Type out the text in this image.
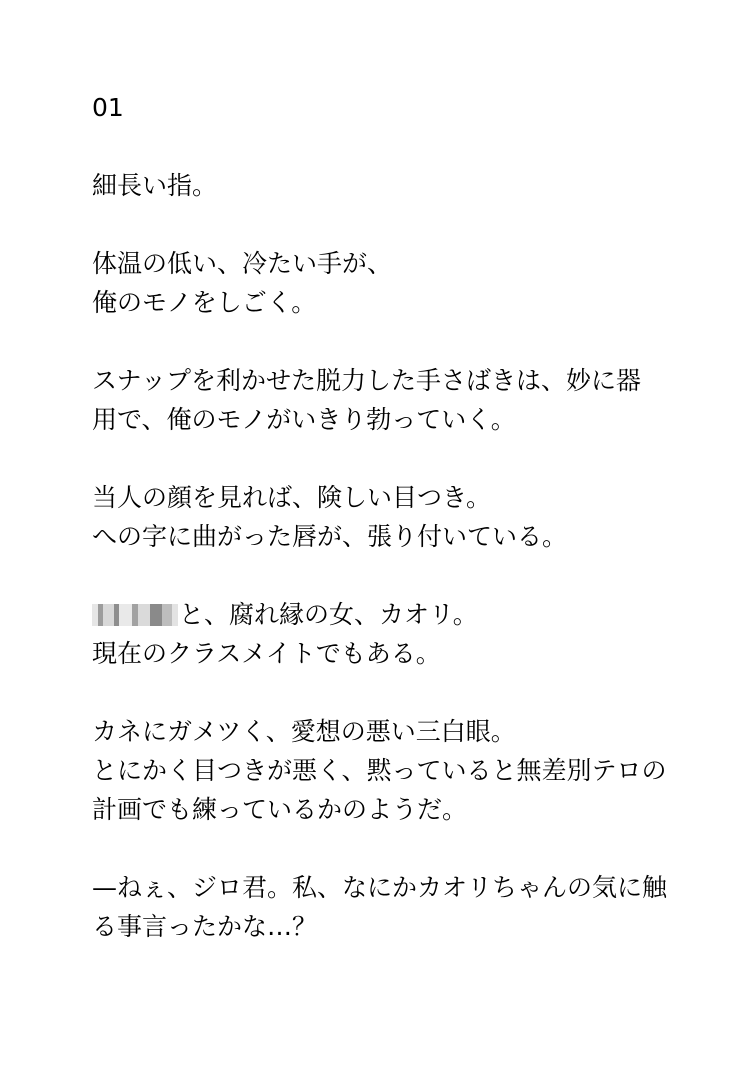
01
細長い指。
体温の低い、冷たい手が、
俺のモノをしごく。
スナップを利かせた脱力した手さばきは、妙に器
用で、俺のモノがいきり勃っていく。
当人の顔を見れば、険しい目つき。
への字に曲がった唇が、張り付いている。
と、腐れ縁の女、カオリ。
現在のクラスメイトでもある。
カネにガメツく、愛想の悪い三白眼。
とにかく目つきが悪く、黙っていると無差別テロの
計画でも練っているかのようだ。
—ねぇ、ジロ君。私、なにかカオリちゃんの気に触
る事言ったかな…？
